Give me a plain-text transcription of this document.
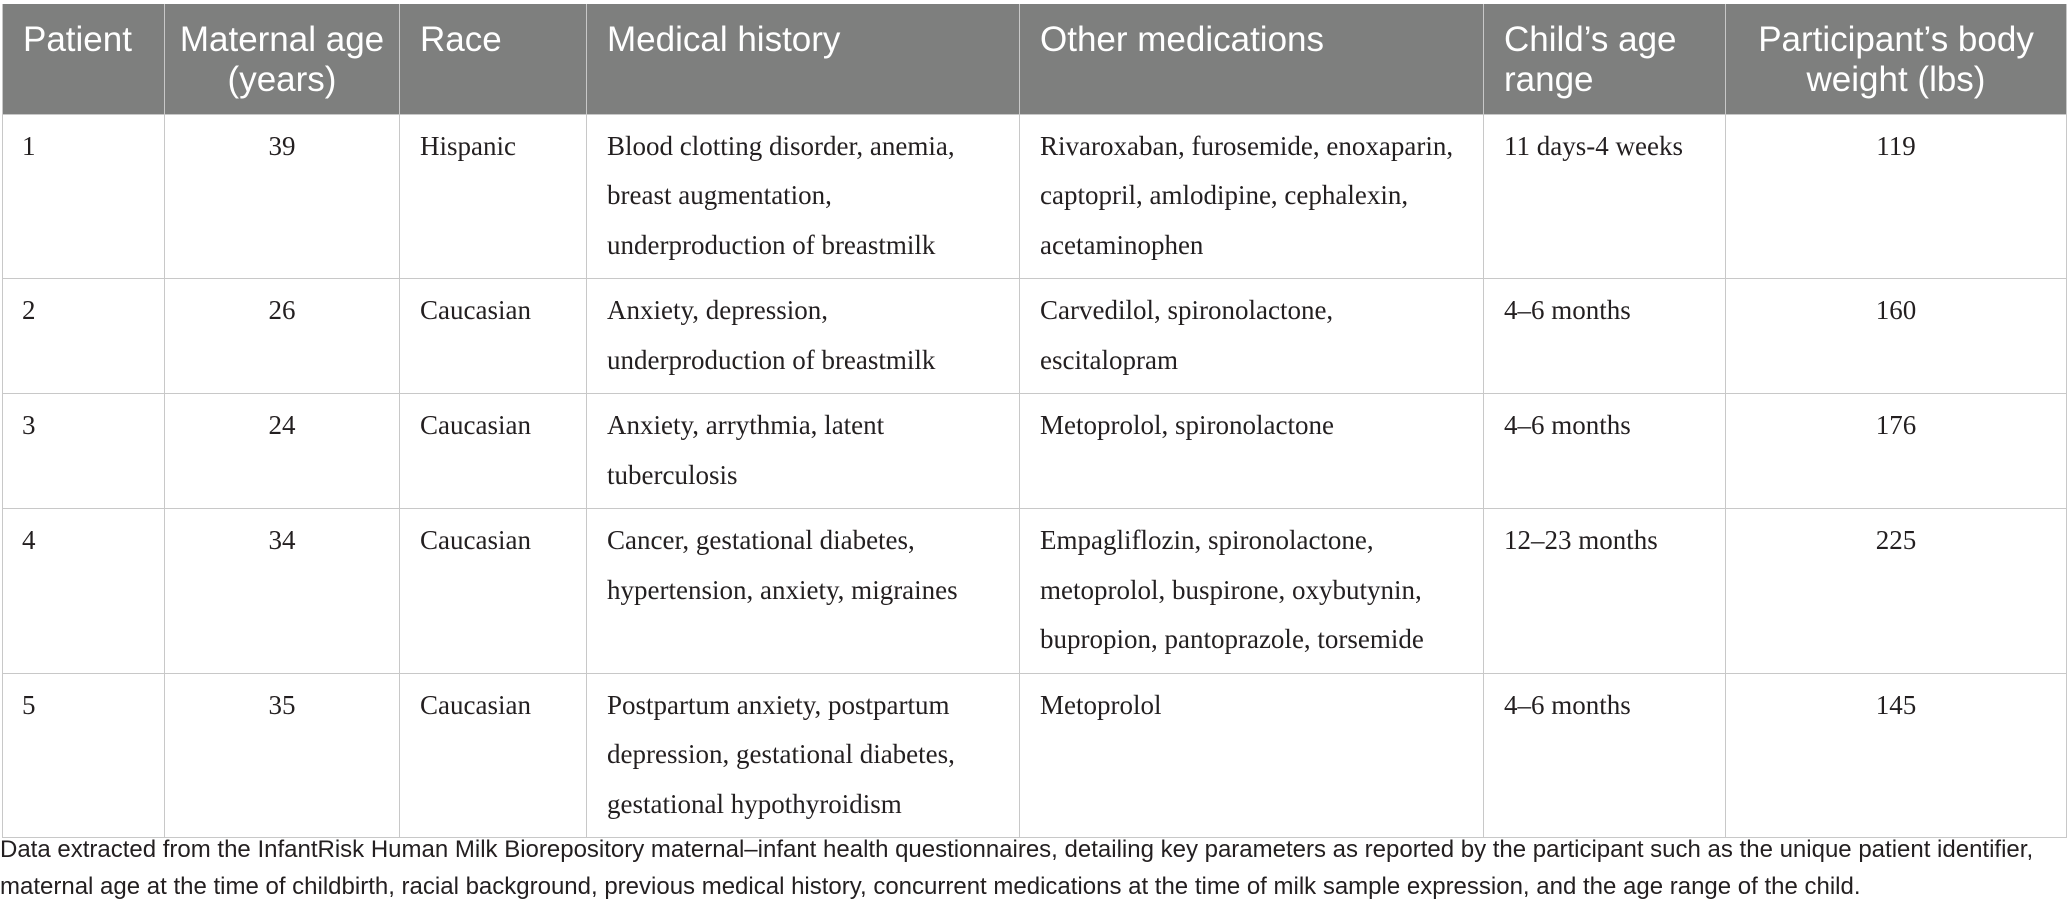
Patient	Maternal age (years)	Race	Medical history	Other medications	Child’s age range	Participant’s body weight (lbs)
1	39	Hispanic	Blood clotting disorder, anemia, breast augmentation, underproduction of breastmilk	Rivaroxaban, furosemide, enoxaparin, captopril, amlodipine, cephalexin, acetaminophen	11 days-4 weeks	119
2	26	Caucasian	Anxiety, depression, underproduction of breastmilk	Carvedilol, spironolactone, escitalopram	4–6 months	160
3	24	Caucasian	Anxiety, arrythmia, latent tuberculosis	Metoprolol, spironolactone	4–6 months	176
4	34	Caucasian	Cancer, gestational diabetes, hypertension, anxiety, migraines	Empagliflozin, spironolactone, metoprolol, buspirone, oxybutynin, bupropion, pantoprazole, torsemide	12–23 months	225
5	35	Caucasian	Postpartum anxiety, postpartum depression, gestational diabetes, gestational hypothyroidism	Metoprolol	4–6 months	145

Data extracted from the InfantRisk Human Milk Biorepository maternal–infant health questionnaires, detailing key parameters as reported by the participant such as the unique patient identifier, maternal age at the time of childbirth, racial background, previous medical history, concurrent medications at the time of milk sample expression, and the age range of the child.
